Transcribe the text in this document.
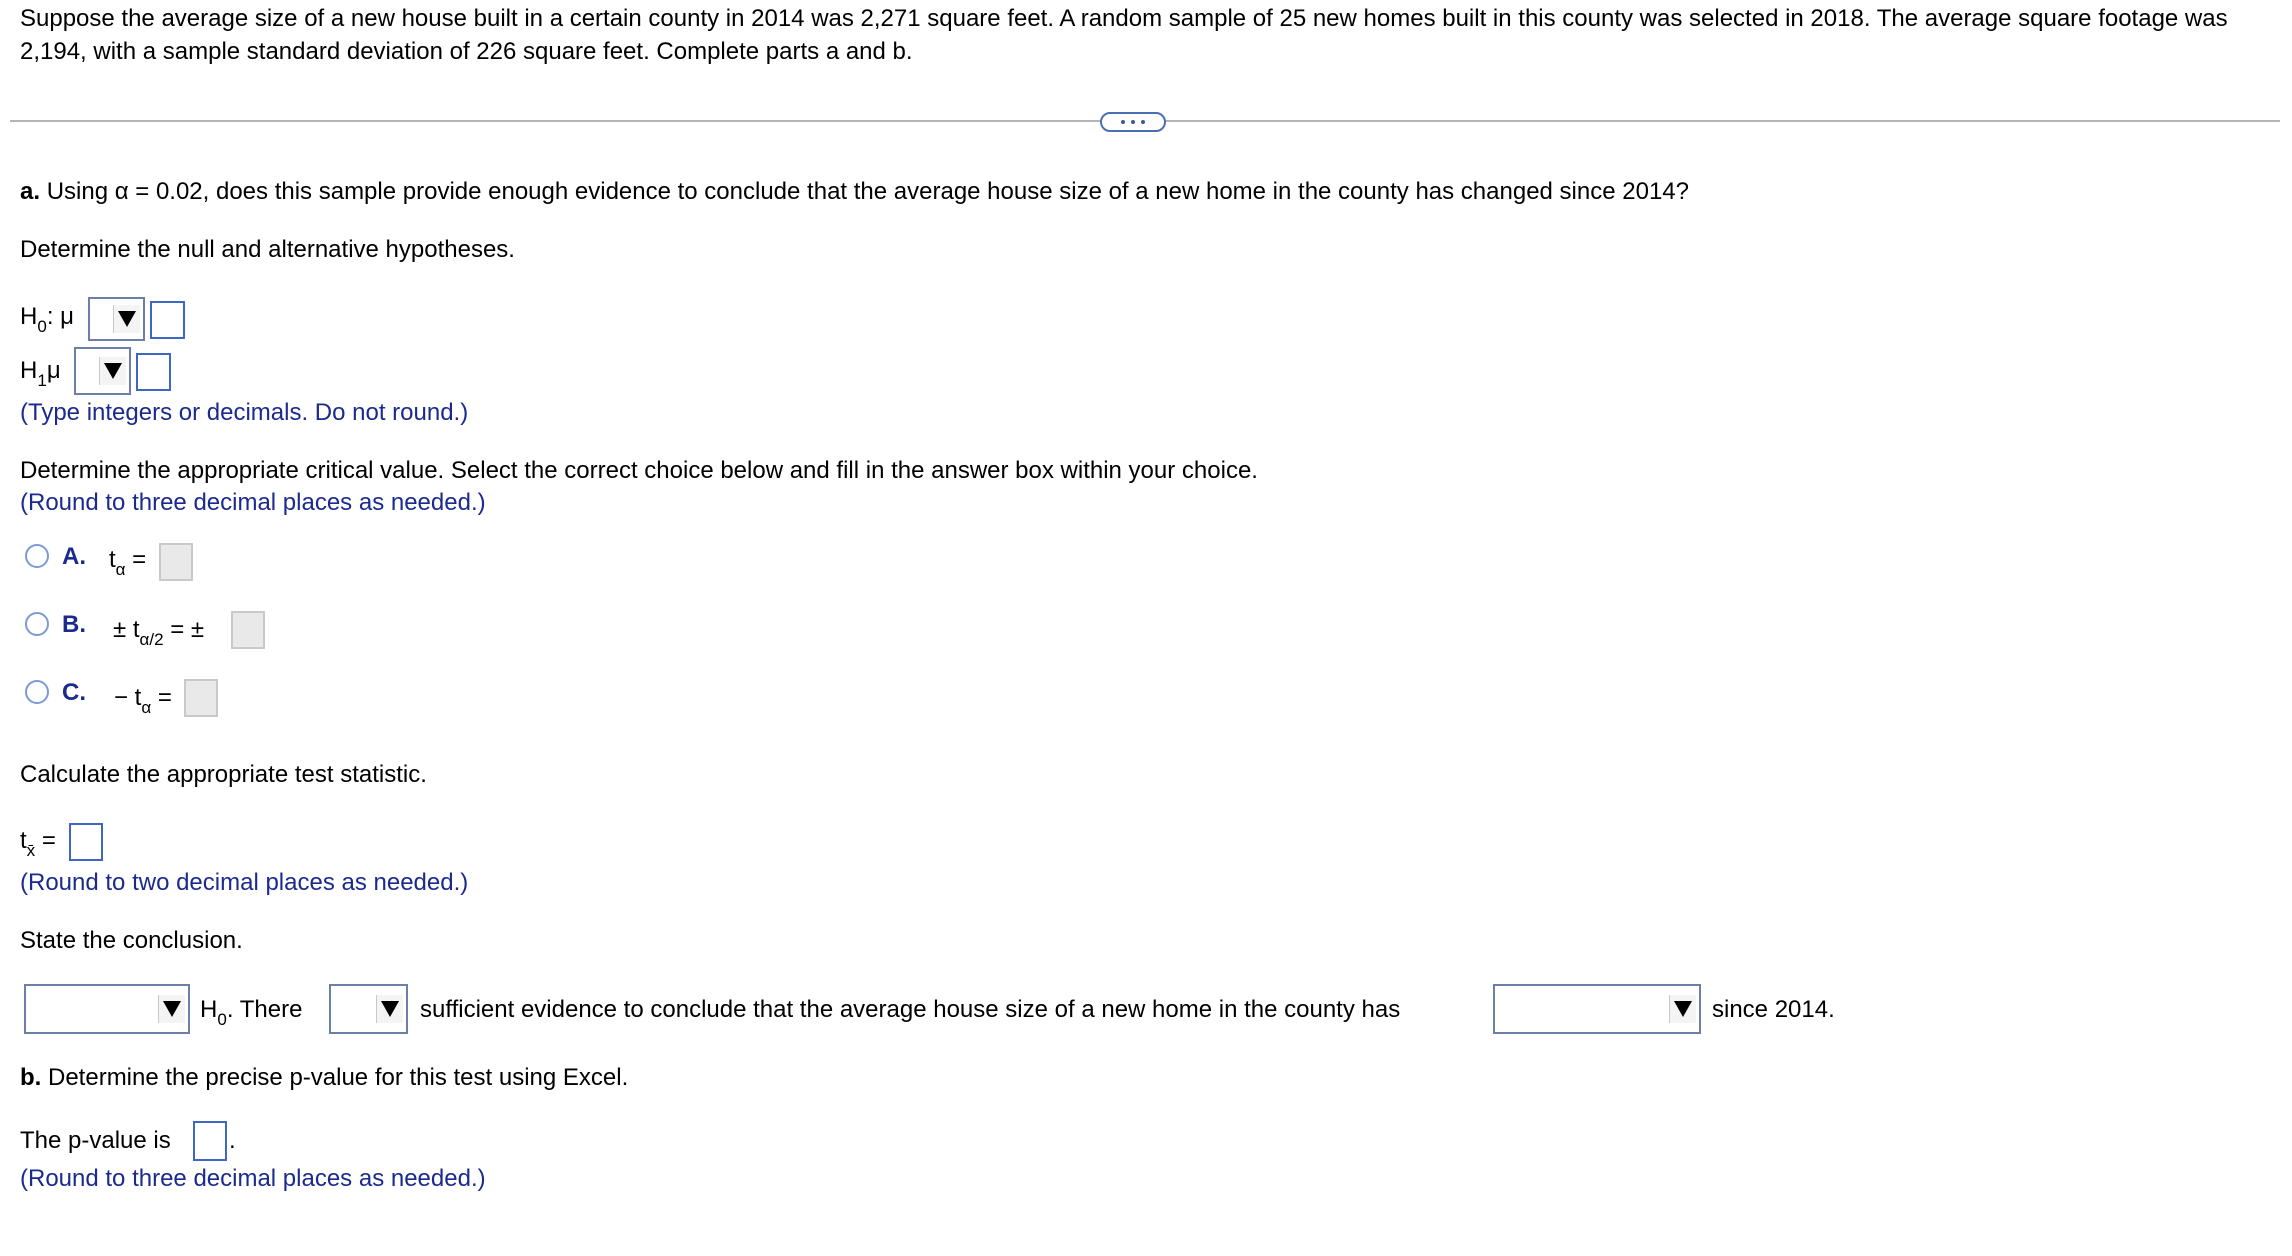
Suppose the average size of a new house built in a certain county in 2014 was 2,271 square feet. A random sample of 25 new homes built in this county was selected in 2018. The average square footage was 2,194, with a sample standard deviation of 226 square feet. Complete parts a and b.
a. Using α = 0.02, does this sample provide enough evidence to conclude that the average house size of a new home in the county has changed since 2014?
Determine the null and alternative hypotheses.
$H_0$: μ
$H_1\mu$
(Type integers or decimals. Do not round.)
Determine the appropriate critical value. Select the correct choice below and fill in the answer box within your choice.
(Round to three decimal places as needed.)
A. $t_\alpha$ =
B. ± $t_{\alpha/2}$ = ±
C. − $t_\alpha$ =
Calculate the appropriate test statistic.
$t_{x̄}$ =
(Round to two decimal places as needed.)
State the conclusion.
$H_0$. There	sufficient evidence to conclude that the average house size of a new home in the county has	since 2014.
b. Determine the precise p-value for this test using Excel.
The p-value is .
(Round to three decimal places as needed.)
